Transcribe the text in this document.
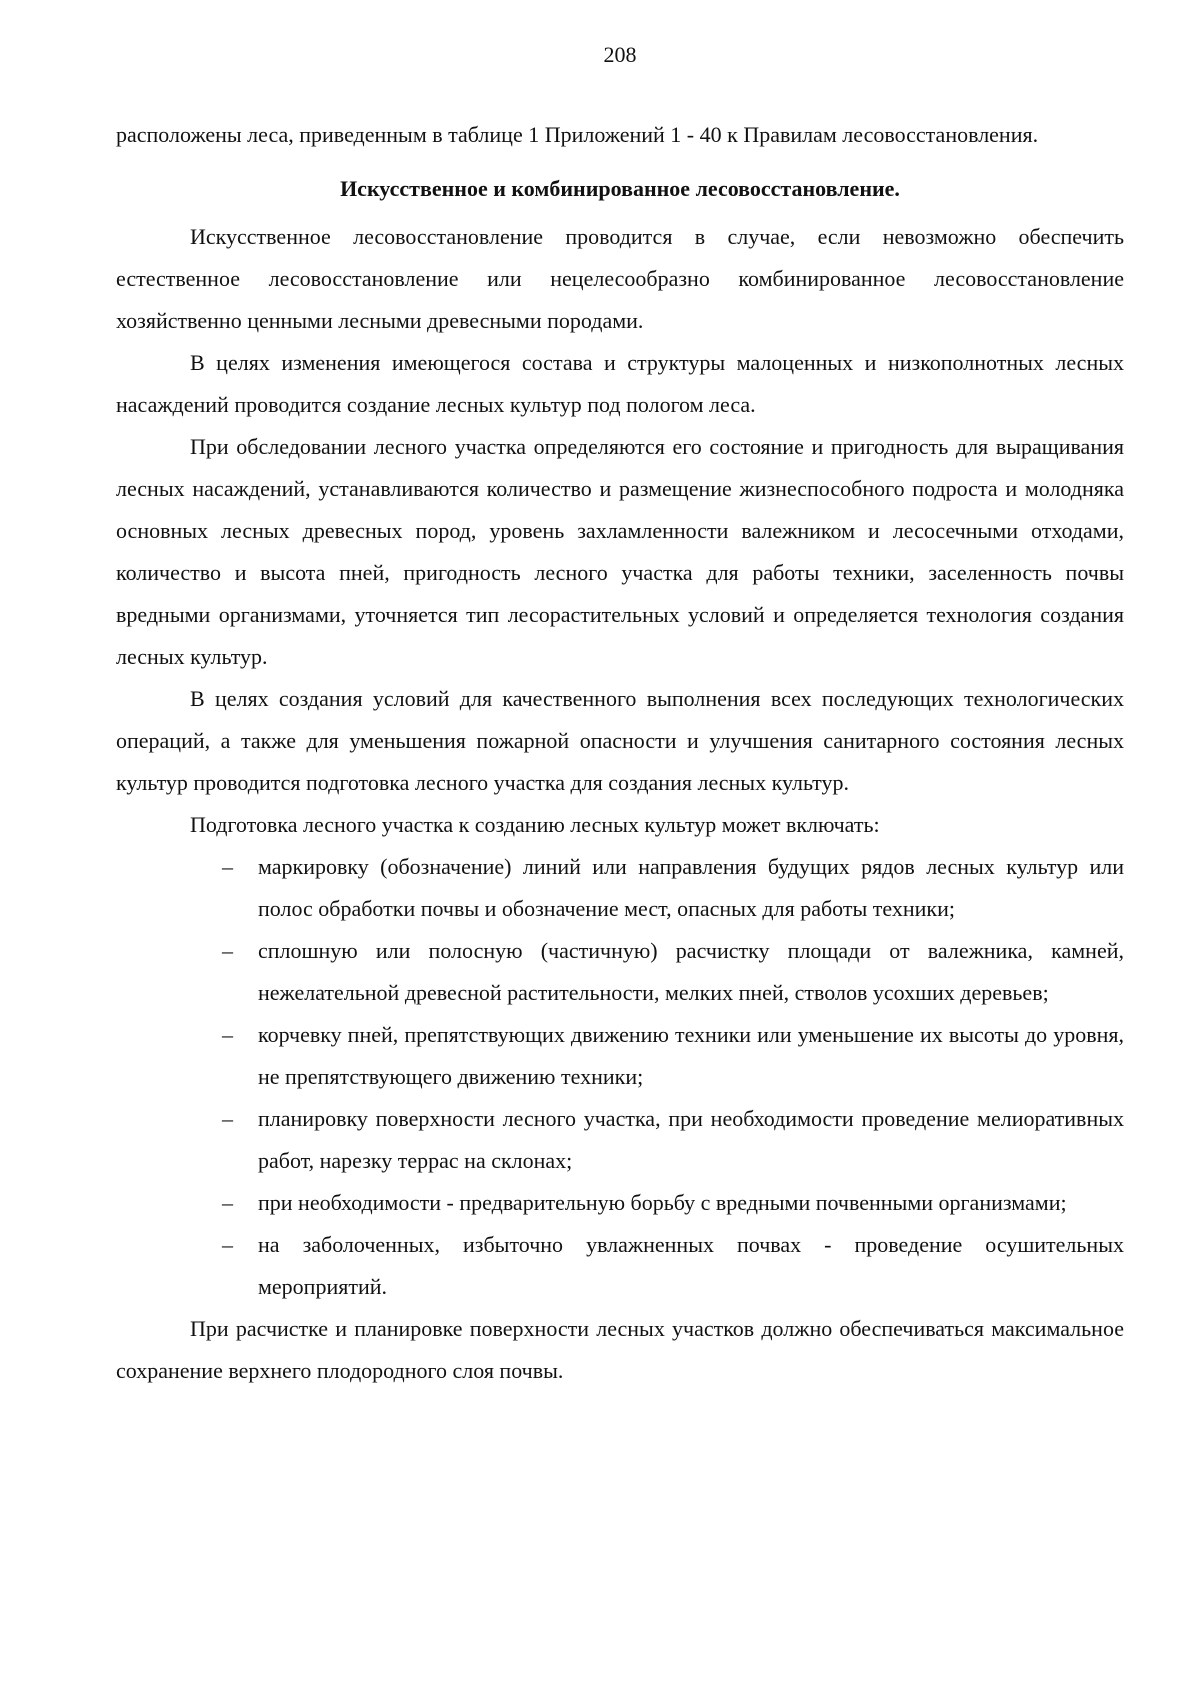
208

расположены леса, приведенным в таблице 1 Приложений 1 - 40 к Правилам лесовосстановления.

Искусственное и комбинированное лесовосстановление.

Искусственное лесовосстановление проводится в случае, если невозможно обеспечить естественное лесовосстановление или нецелесообразно комбинированное лесовосстановление хозяйственно ценными лесными древесными породами.

В целях изменения имеющегося состава и структуры малоценных и низкополнотных лесных насаждений проводится создание лесных культур под пологом леса.

При обследовании лесного участка определяются его состояние и пригодность для выращивания лесных насаждений, устанавливаются количество и размещение жизнеспособного подроста и молодняка основных лесных древесных пород, уровень захламленности валежником и лесосечными отходами, количество и высота пней, пригодность лесного участка для работы техники, заселенность почвы вредными организмами, уточняется тип лесорастительных условий и определяется технология создания лесных культур.

В целях создания условий для качественного выполнения всех последующих технологических операций, а также для уменьшения пожарной опасности и улучшения санитарного состояния лесных культур проводится подготовка лесного участка для создания лесных культур.

Подготовка лесного участка к созданию лесных культур может включать:

– маркировку (обозначение) линий или направления будущих рядов лесных культур или полос обработки почвы и обозначение мест, опасных для работы техники;
– сплошную или полосную (частичную) расчистку площади от валежника, камней, нежелательной древесной растительности, мелких пней, стволов усохших деревьев;
– корчевку пней, препятствующих движению техники или уменьшение их высоты до уровня, не препятствующего движению техники;
– планировку поверхности лесного участка, при необходимости проведение мелиоративных работ, нарезку террас на склонах;
– при необходимости - предварительную борьбу с вредными почвенными организмами;
– на заболоченных, избыточно увлажненных почвах - проведение осушительных мероприятий.

При расчистке и планировке поверхности лесных участков должно обеспечиваться максимальное сохранение верхнего плодородного слоя почвы.
